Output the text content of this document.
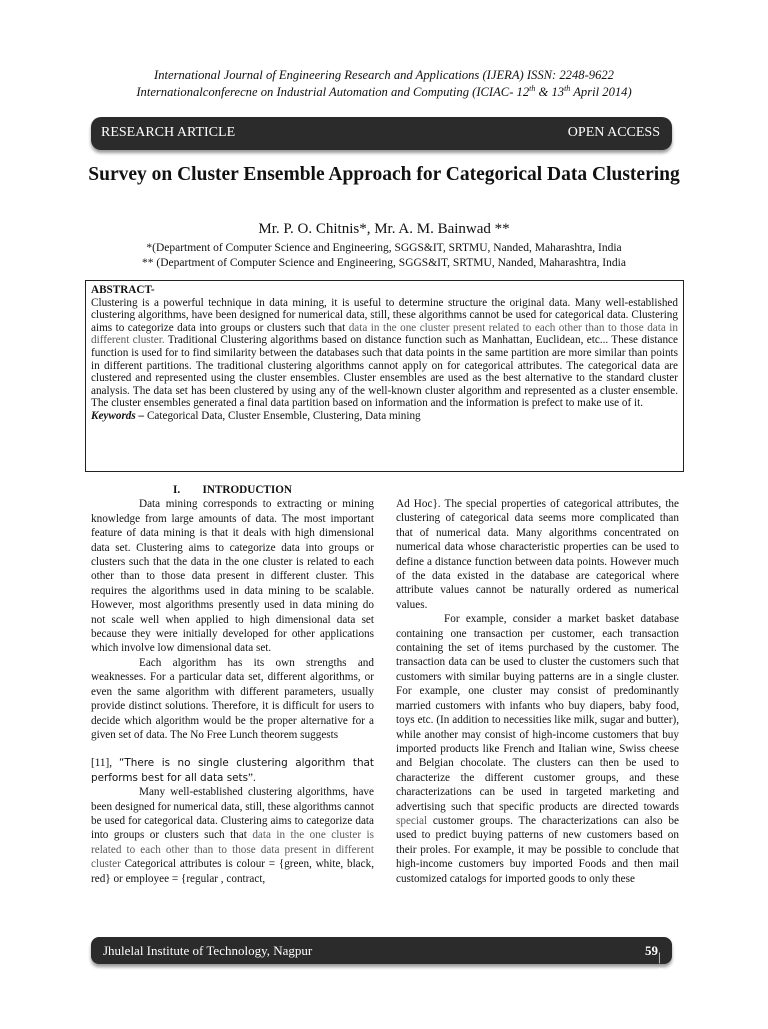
International Journal of Engineering Research and Applications (IJERA) ISSN: 2248-9622
Internationalconferecne on Industrial Automation and Computing (ICIAC- 12th & 13th April 2014)
RESEARCH ARTICLE	OPEN ACCESS
Survey on Cluster Ensemble Approach for Categorical Data Clustering
Mr. P. O. Chitnis*, Mr. A. M. Bainwad **
*(Department of Computer Science and Engineering, SGGS&IT, SRTMU, Nanded, Maharashtra, India
** (Department of Computer Science and Engineering, SGGS&IT, SRTMU, Nanded, Maharashtra, India
ABSTRACT-
Clustering is a powerful technique in data mining, it is useful to determine structure the original data. Many well-established clustering algorithms, have been designed for numerical data, still, these algorithms cannot be used for categorical data. Clustering aims to categorize data into groups or clusters such that data in the one cluster present related to each other than to those data in different cluster. Traditional Clustering algorithms based on distance function such as Manhattan, Euclidean, etc... These distance function is used for to find similarity between the databases such that data points in the same partition are more similar than points in different partitions. The traditional clustering algorithms cannot apply on for categorical attributes. The categorical data are clustered and represented using the cluster ensembles. Cluster ensembles are used as the best alternative to the standard cluster analysis. The data set has been clustered by using any of the well-known cluster algorithm and represented as a cluster ensemble. The cluster ensembles generated a final data partition based on information and the information is prefect to make use of it.
Keywords – Categorical Data, Cluster Ensemble, Clustering, Data mining

I.        INTRODUCTION

Data mining corresponds to extracting or mining knowledge from large amounts of data. The most important feature of data mining is that it deals with high dimensional data set. Clustering aims to categorize data into groups or clusters such that the data in the one cluster is related to each other than to those data present in different cluster. This requires the algorithms used in data mining to be scalable. However, most algorithms presently used in data mining do not scale well when applied to high dimensional data set because they were initially developed for other applications which involve low dimensional data set.

Each algorithm has its own strengths and weaknesses. For a particular data set, different algorithms, or even the same algorithm with different parameters, usually provide distinct solutions. Therefore, it is difficult for users to decide which algorithm would be the proper alternative for a given set of data. The No Free Lunch theorem suggests

[11], “There is no single clustering algorithm that performs best for all data sets”.

Many well-established clustering algorithms, have been designed for numerical data, still, these algorithms cannot be used for categorical data. Clustering aims to categorize data into groups or clusters such that data in the one cluster is related to each other than to those data present in different cluster Categorical attributes is colour = {green, white, black, red} or employee = {regular , contract,

Ad Hoc}. The special properties of categorical attributes, the clustering of categorical data seems more complicated than that of numerical data. Many algorithms concentrated on numerical data whose characteristic properties can be used to define a distance function between data points. However much of the data existed in the database are categorical where attribute values cannot be naturally ordered as numerical values.

For example, consider a market basket database containing one transaction per customer, each transaction containing the set of items purchased by the customer. The transaction data can be used to cluster the customers such that customers with similar buying patterns are in a single cluster. For example, one cluster may consist of predominantly married customers with infants who buy diapers, baby food, toys etc. (In addition to necessities like milk, sugar and butter), while another may consist of high-income customers that buy imported products like French and Italian wine, Swiss cheese and Belgian chocolate. The clusters can then be used to characterize the different customer groups, and these characterizations can be used in targeted marketing and advertising such that specific products are directed towards special customer groups. The characterizations can also be used to predict buying patterns of new customers based on their proles. For example, it may be possible to conclude that high-income customers buy imported Foods and then mail customized catalogs for imported goods to only these

Jhulelal Institute of Technology, Nagpur	59 | P a g e
